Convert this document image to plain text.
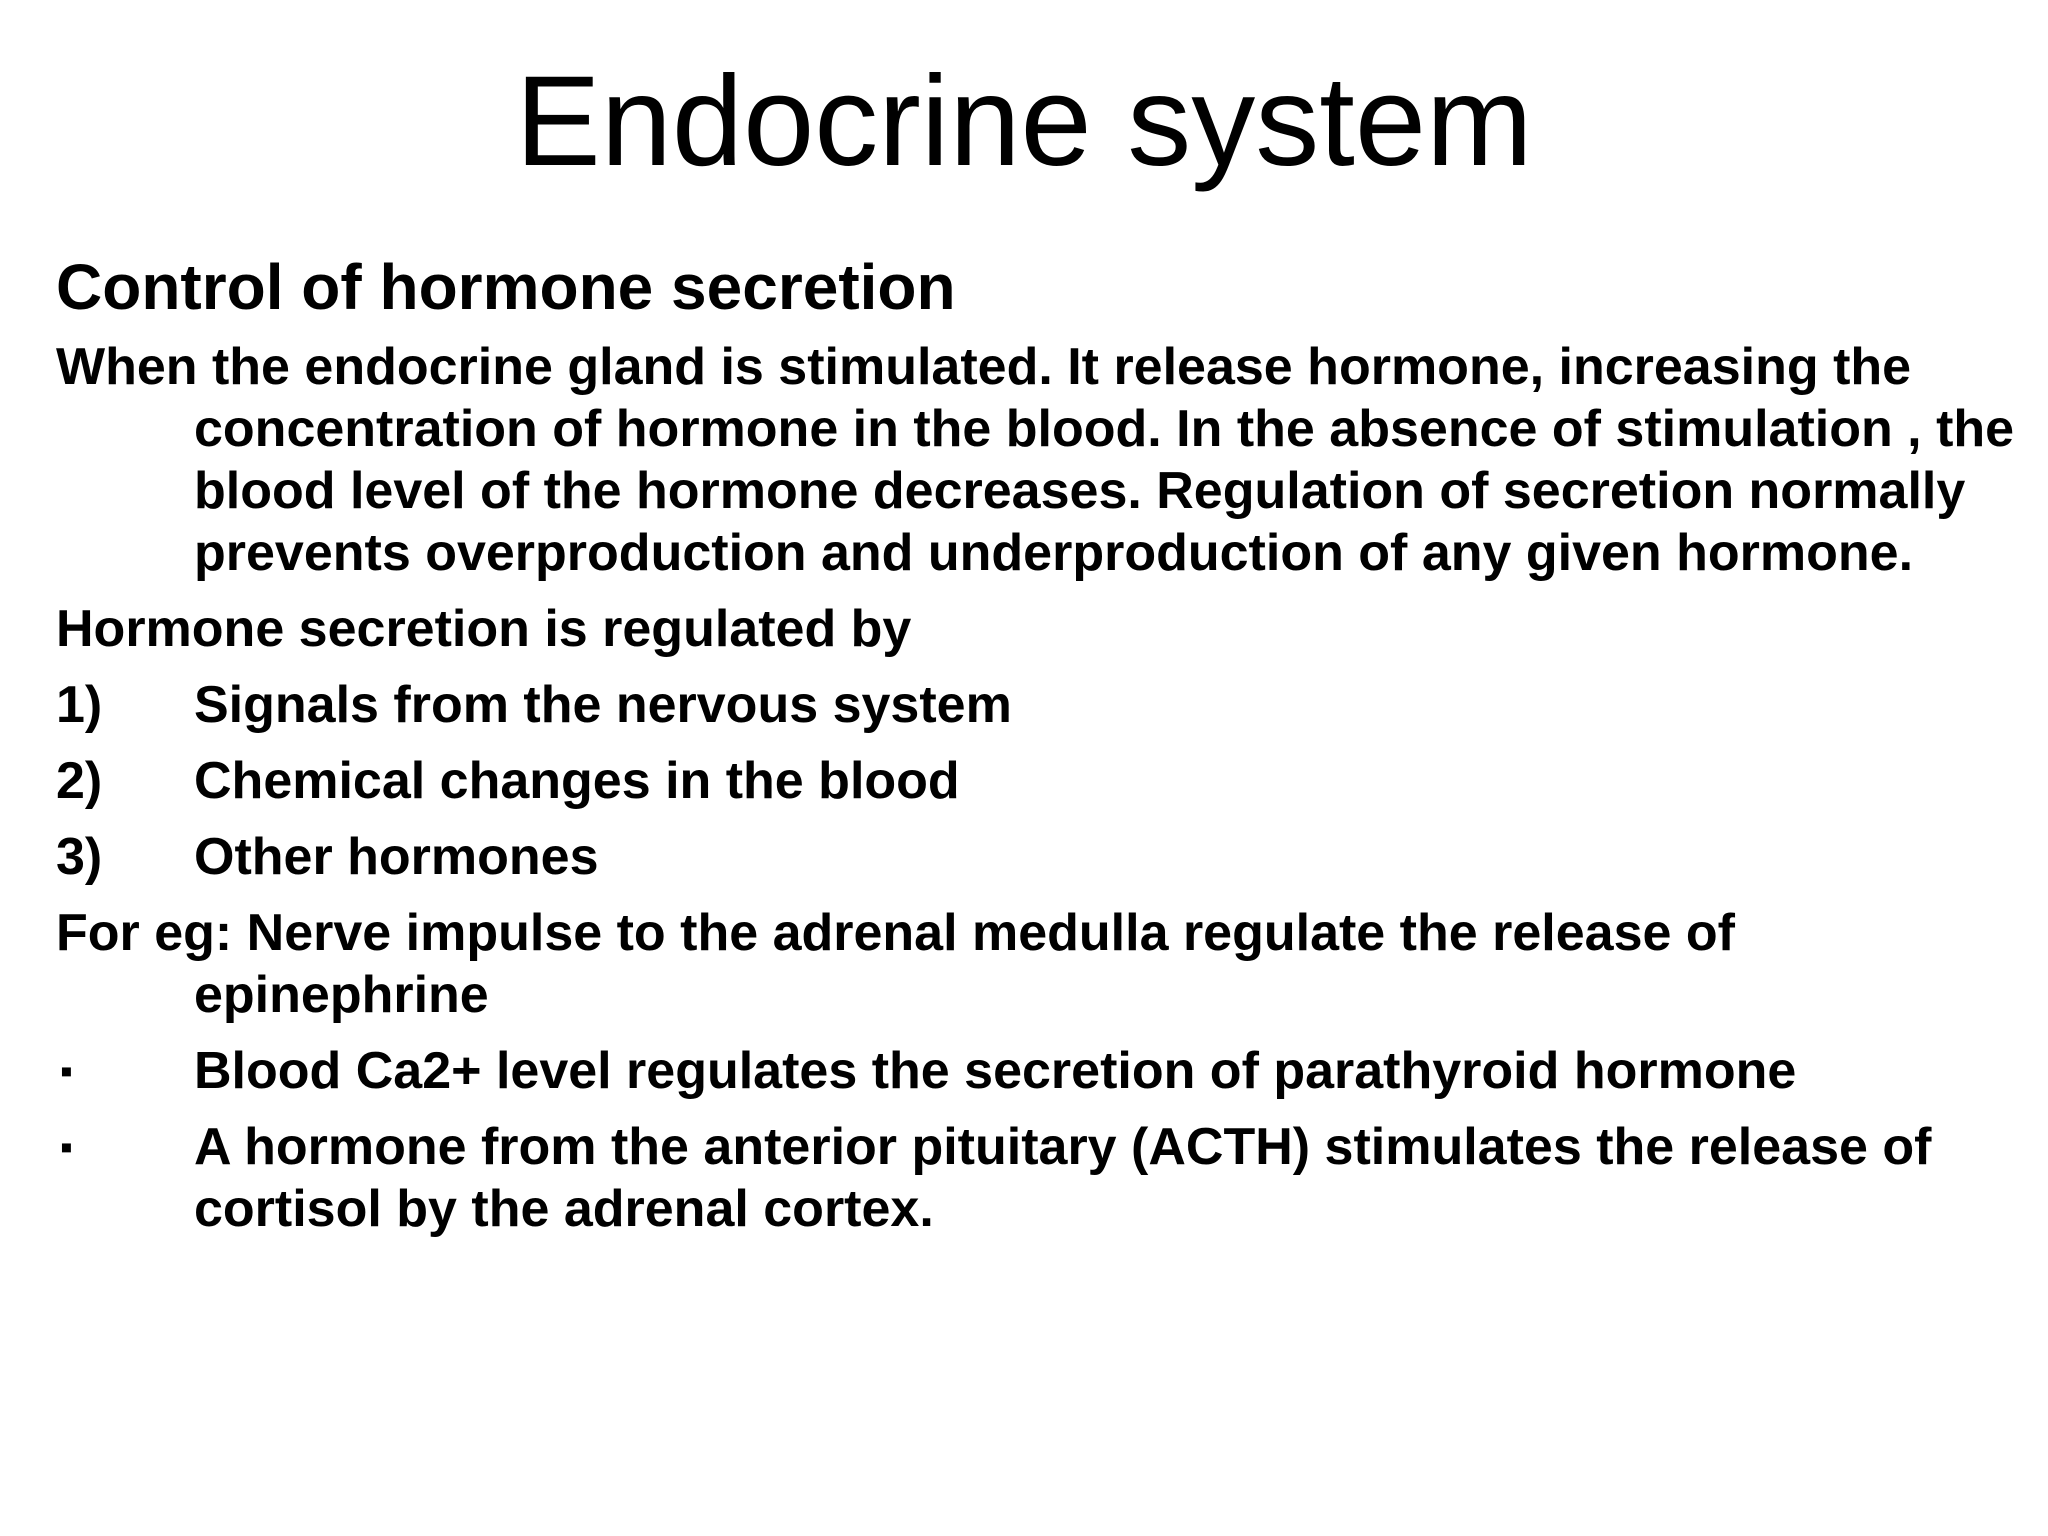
Endocrine system
Control of hormone secretion
When the endocrine gland is stimulated. It release hormone, increasing the concentration of hormone in the blood. In the absence of stimulation , the blood level of the hormone decreases. Regulation of secretion normally prevents overproduction and underproduction of any given hormone.
Hormone secretion is regulated by
1)	Signals from the nervous system
2)	Chemical changes in the blood
3)	Other hormones
For eg: Nerve impulse to the adrenal medulla regulate the release of epinephrine
▪	Blood Ca2+ level regulates the secretion of parathyroid hormone
▪	A hormone from the anterior pituitary (ACTH) stimulates the release of cortisol by the adrenal cortex.
